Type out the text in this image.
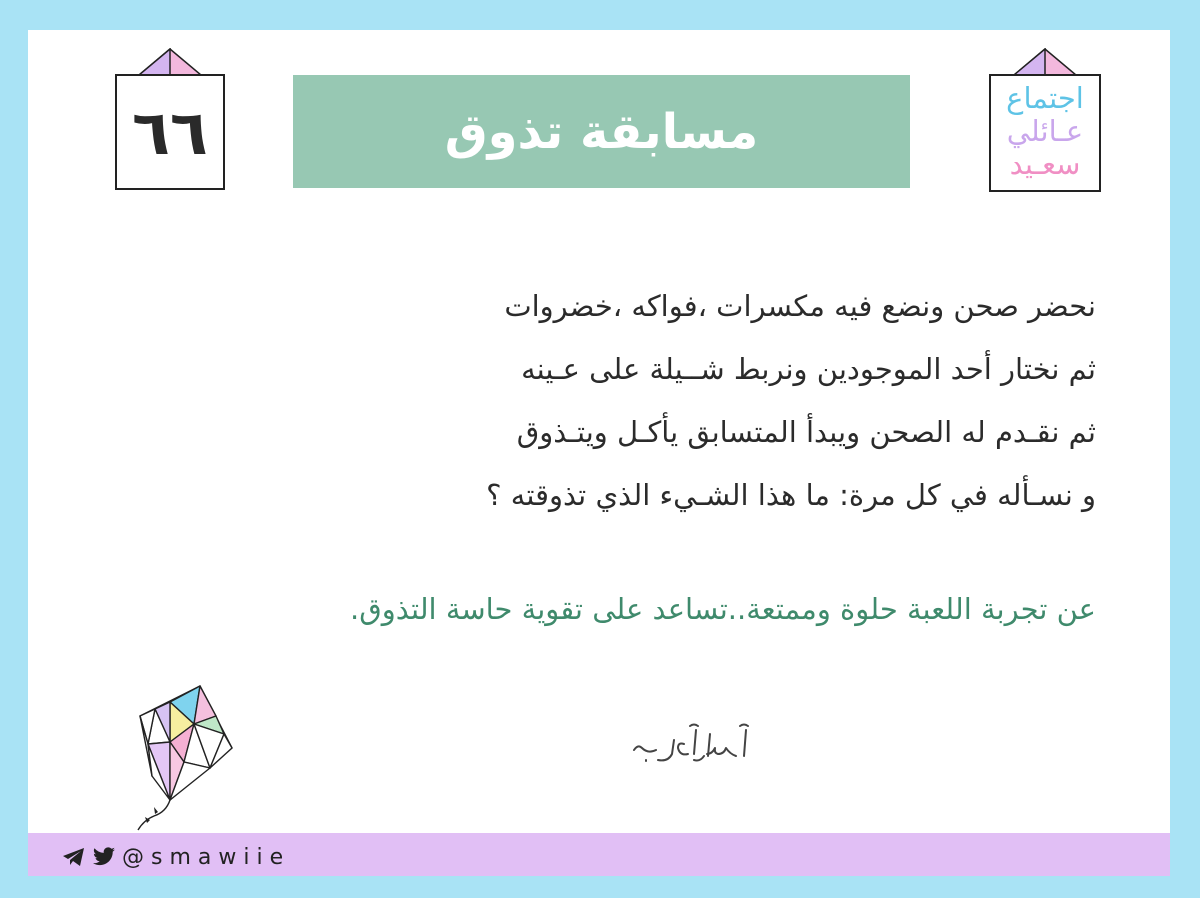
٦٦	مسابقة تذوق
اجتماع
عـائلي
سعـيد
نحضر صحن ونضع فيه مكسرات ،فواكه ،خضروات
ثم نختار أحد الموجودين ونربط شــيلة على عـينه
ثم نقـدم له الصحن ويبدأ المتسابق يأكـل ويتـذوق
و نسـأله في كل مرة: ما هذا الشـيء الذي تذوقته ؟
عن تجربة اللعبة حلوة وممتعة..تساعد على تقوية حاسة التذوق.
@smawiie
